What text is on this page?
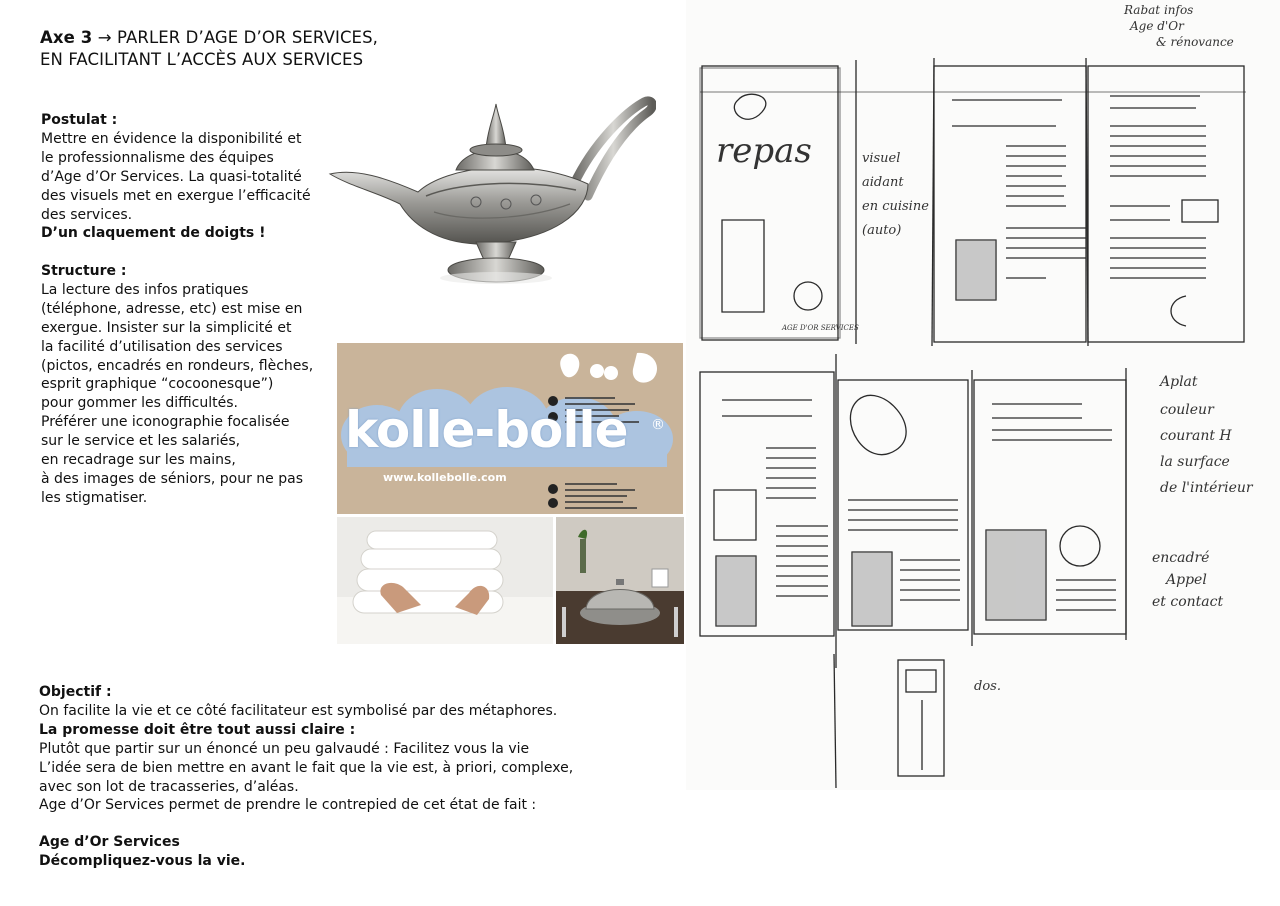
Axe 3 → PARLER D’AGE D’OR SERVICES,
EN FACILITANT L’ACCÈS AUX SERVICES
Postulat :
Mettre en évidence la disponibilité et
le professionnalisme des équipes
d’Age d’Or Services. La quasi-totalité
des visuels met en exergue l’efficacité
des services.
D’un claquement de doigts !
Structure :
La lecture des infos pratiques
(téléphone, adresse, etc) est mise en
exergue. Insister sur la simplicité et
la facilité d’utilisation des services
(pictos, encadrés en rondeurs, flèches,
esprit graphique “cocoonesque”)
pour gommer les difficultés.
Préférer une iconographie focalisée
sur le service et les salariés,
en recadrage sur les mains,
à des images de séniors, pour ne pas
les stigmatiser.
Objectif :
On facilite la vie et ce côté facilitateur est symbolisé par des métaphores.
La promesse doit être tout aussi claire :
Plutôt que partir sur un énoncé un peu galvaudé : Facilitez vous la vie
L’idée sera de bien mettre en avant le fait que la vie est, à priori, complexe,
avec son lot de tracasseries, d’aléas.
Age d’Or Services permet de prendre le contrepied de cet état de fait :
Age d’Or Services
Décompliquez-vous la vie.
kolle-bolle ®
www.kollebolle.com
repas
AGE D'OR SERVICES
Rabat infos
Age d'Or
& rénovance
visuel
aidant
en cuisine
(auto)
Aplat
couleur
courant H
la surface
de l'intérieur
encadré
Appel
et contact
dos.
